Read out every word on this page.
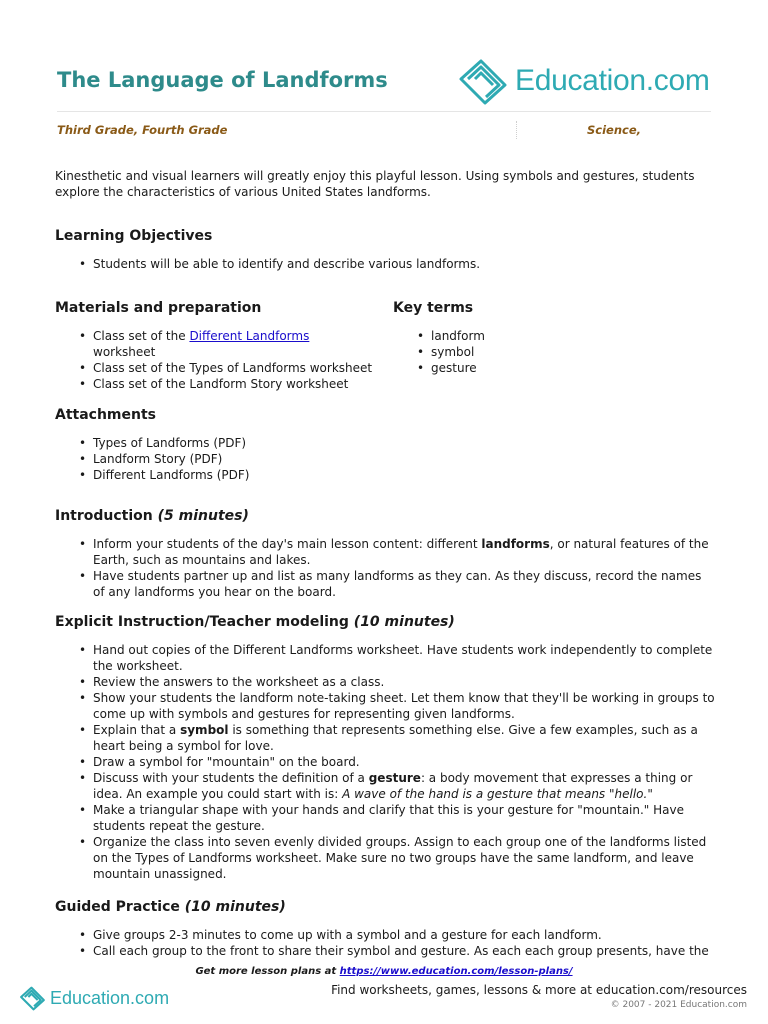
The Language of Landforms	Education.com
Third Grade, Fourth Grade	Science,

Kinesthetic and visual learners will greatly enjoy this playful lesson. Using symbols and gestures, students explore the characteristics of various United States landforms.

Learning Objectives
• Students will be able to identify and describe various landforms.
Materials and preparation
• Class set of the Different Landforms worksheet
• Class set of the Types of Landforms worksheet
• Class set of the Landform Story worksheet
Key terms
• landform
• symbol
• gesture
Attachments
• Types of Landforms (PDF)
• Landform Story (PDF)
• Different Landforms (PDF)
Introduction (5 minutes)
• Inform your students of the day's main lesson content: different landforms, or natural features of the Earth, such as mountains and lakes.
• Have students partner up and list as many landforms as they can. As they discuss, record the names of any landforms you hear on the board.
Explicit Instruction/Teacher modeling (10 minutes)
• Hand out copies of the Different Landforms worksheet. Have students work independently to complete the worksheet.
• Review the answers to the worksheet as a class.
• Show your students the landform note-taking sheet. Let them know that they'll be working in groups to come up with symbols and gestures for representing given landforms.
• Explain that a symbol is something that represents something else. Give a few examples, such as a heart being a symbol for love.
• Draw a symbol for "mountain" on the board.
• Discuss with your students the definition of a gesture: a body movement that expresses a thing or idea. An example you could start with is: A wave of the hand is a gesture that means "hello."
• Make a triangular shape with your hands and clarify that this is your gesture for "mountain." Have students repeat the gesture.
• Organize the class into seven evenly divided groups. Assign to each group one of the landforms listed on the Types of Landforms worksheet. Make sure no two groups have the same landform, and leave mountain unassigned.
Guided Practice (10 minutes)
• Give groups 2-3 minutes to come up with a symbol and a gesture for each landform.
• Call each group to the front to share their symbol and gesture. As each each group presents, have the
Get more lesson plans at https://www.education.com/lesson-plans/
Education.com	Find worksheets, games, lessons & more at education.com/resources
© 2007 - 2021 Education.com
